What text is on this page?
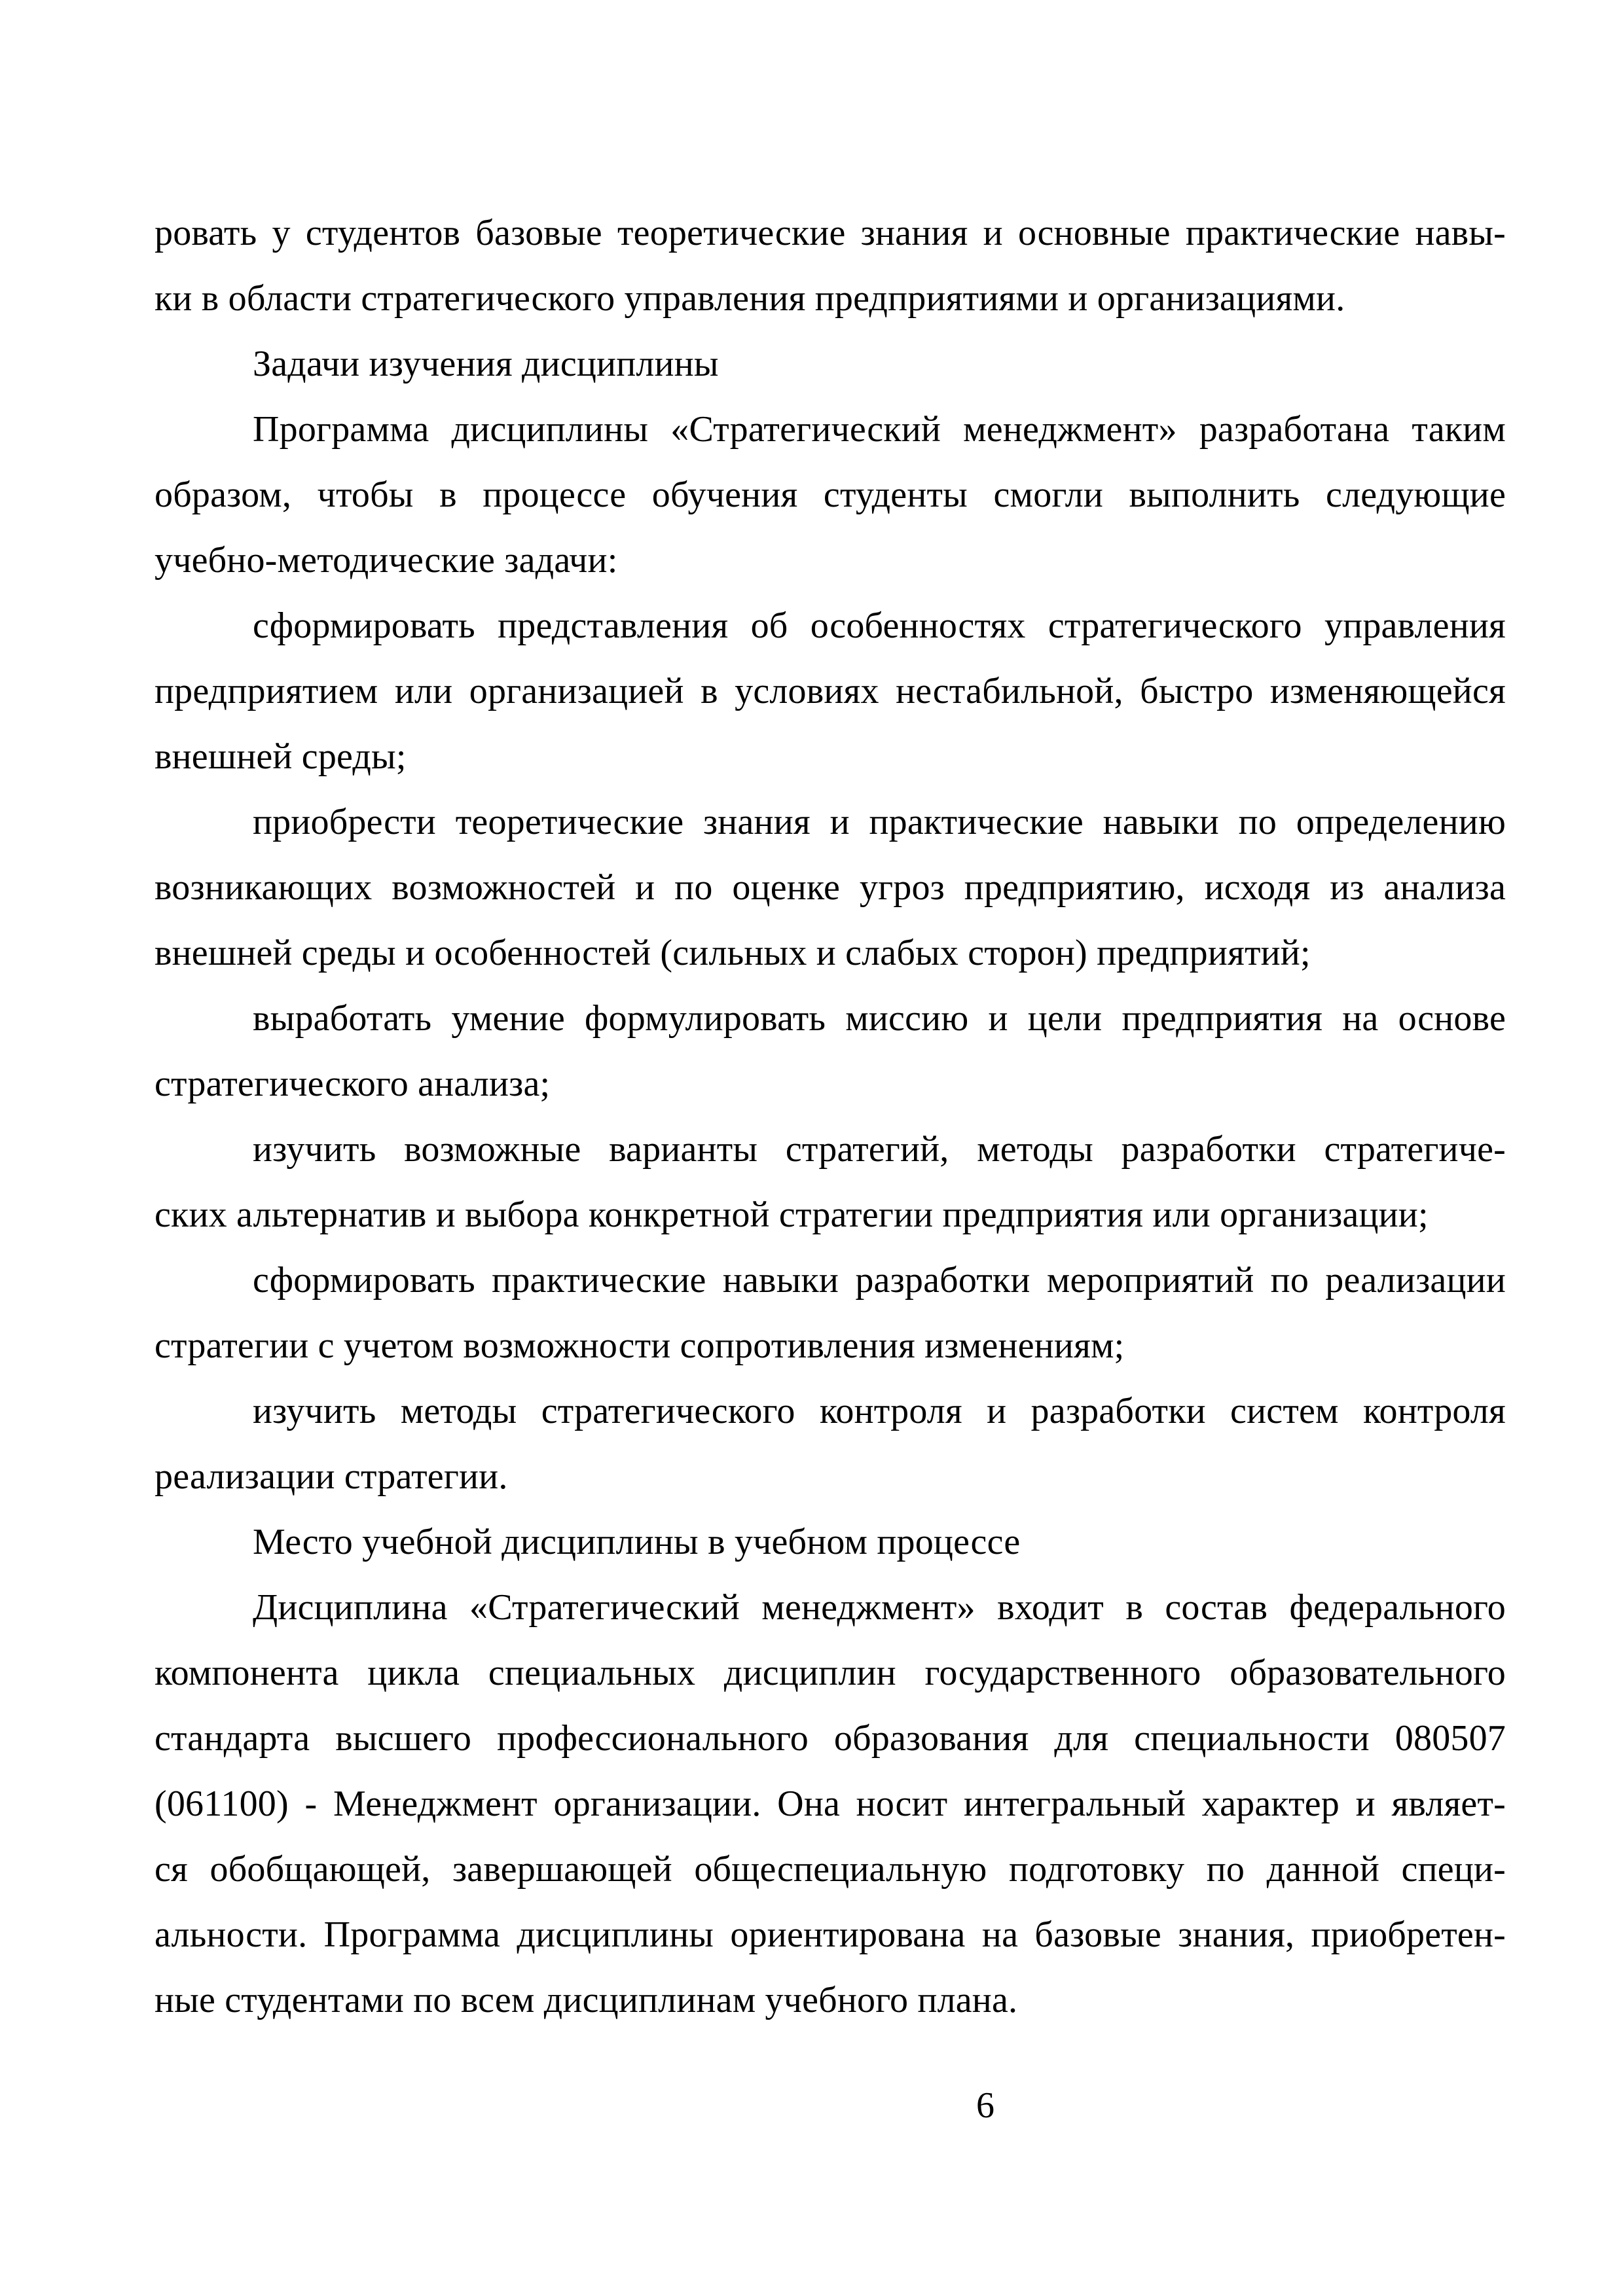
ровать у студентов базовые теоретические знания и основные практические навы-
ки в области стратегического управления предприятиями и организациями.
Задачи изучения дисциплины
Программа дисциплины «Стратегический менеджмент» разработана таким
образом, чтобы в процессе обучения студенты смогли выполнить следующие
учебно-методические задачи:
сформировать представления об особенностях стратегического управления
предприятием или организацией в условиях нестабильной, быстро изменяющейся
внешней среды;
приобрести теоретические знания и практические навыки по определению
возникающих возможностей и по оценке угроз предприятию, исходя из анализа
внешней среды и особенностей (сильных и слабых сторон) предприятий;
выработать умение формулировать миссию и цели предприятия на основе
стратегического анализа;
изучить возможные варианты стратегий, методы разработки стратегиче-
ских альтернатив и выбора конкретной стратегии предприятия или организации;
сформировать практические навыки разработки мероприятий по реализации
стратегии с учетом возможности сопротивления изменениям;
изучить методы стратегического контроля и разработки систем контроля
реализации стратегии.
Место учебной дисциплины в учебном процессе
Дисциплина «Стратегический менеджмент» входит в состав федерального
компонента цикла специальных дисциплин государственного образовательного
стандарта высшего профессионального образования для специальности 080507
(061100) - Менеджмент организации. Она носит интегральный характер и являет-
ся обобщающей, завершающей общеспециальную подготовку по данной специ-
альности. Программа дисциплины ориентирована на базовые знания, приобретен-
ные студентами по всем дисциплинам учебного плана.
6
